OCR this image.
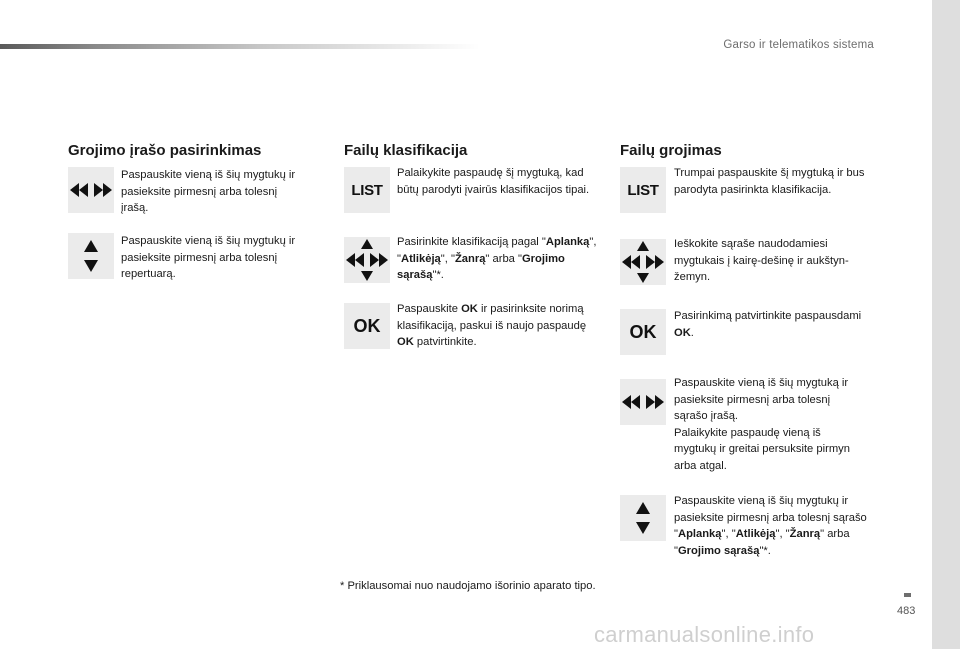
Garso ir telematikos sistema
483
Grojimo įrašo pasirinkimas
Paspauskite vieną iš šių mygtukų ir pasieksite pirmesnį arba tolesnį įrašą.
Paspauskite vieną iš šių mygtukų ir pasieksite pirmesnį arba tolesnį repertuarą.
Failų klasifikacija
LIST
Palaikykite paspaudę šį mygtuką, kad būtų parodyti įvairūs klasifikacijos tipai.
Pasirinkite klasifikaciją pagal "Aplanką", "Atlikėją", "Žanrą" arba "Grojimo sąrašą"*.
OK
Paspauskite OK ir pasirinksite norimą klasifikaciją, paskui iš naujo paspaudę OK patvirtinkite.
Failų grojimas
LIST
Trumpai paspauskite šį mygtuką ir bus parodyta pasirinkta klasifikacija.
Ieškokite sąraše naudodamiesi mygtukais į kairę-dešinę ir aukštyn-žemyn.
OK
Pasirinkimą patvirtinkite paspausdami OK.

Paspauskite vieną iš šių mygtuką ir pasieksite pirmesnį arba tolesnį sąrašo įrašą.

Palaikykite paspaudę vieną iš mygtukų ir greitai persuksite pirmyn arba atgal.

Paspauskite vieną iš šių mygtukų ir pasieksite pirmesnį arba tolesnį sąrašo "Aplanką", "Atlikėją", "Žanrą" arba "Grojimo sąrašą"*.
* Priklausomai nuo naudojamo išorinio aparato tipo.
carmanualsonline.info
